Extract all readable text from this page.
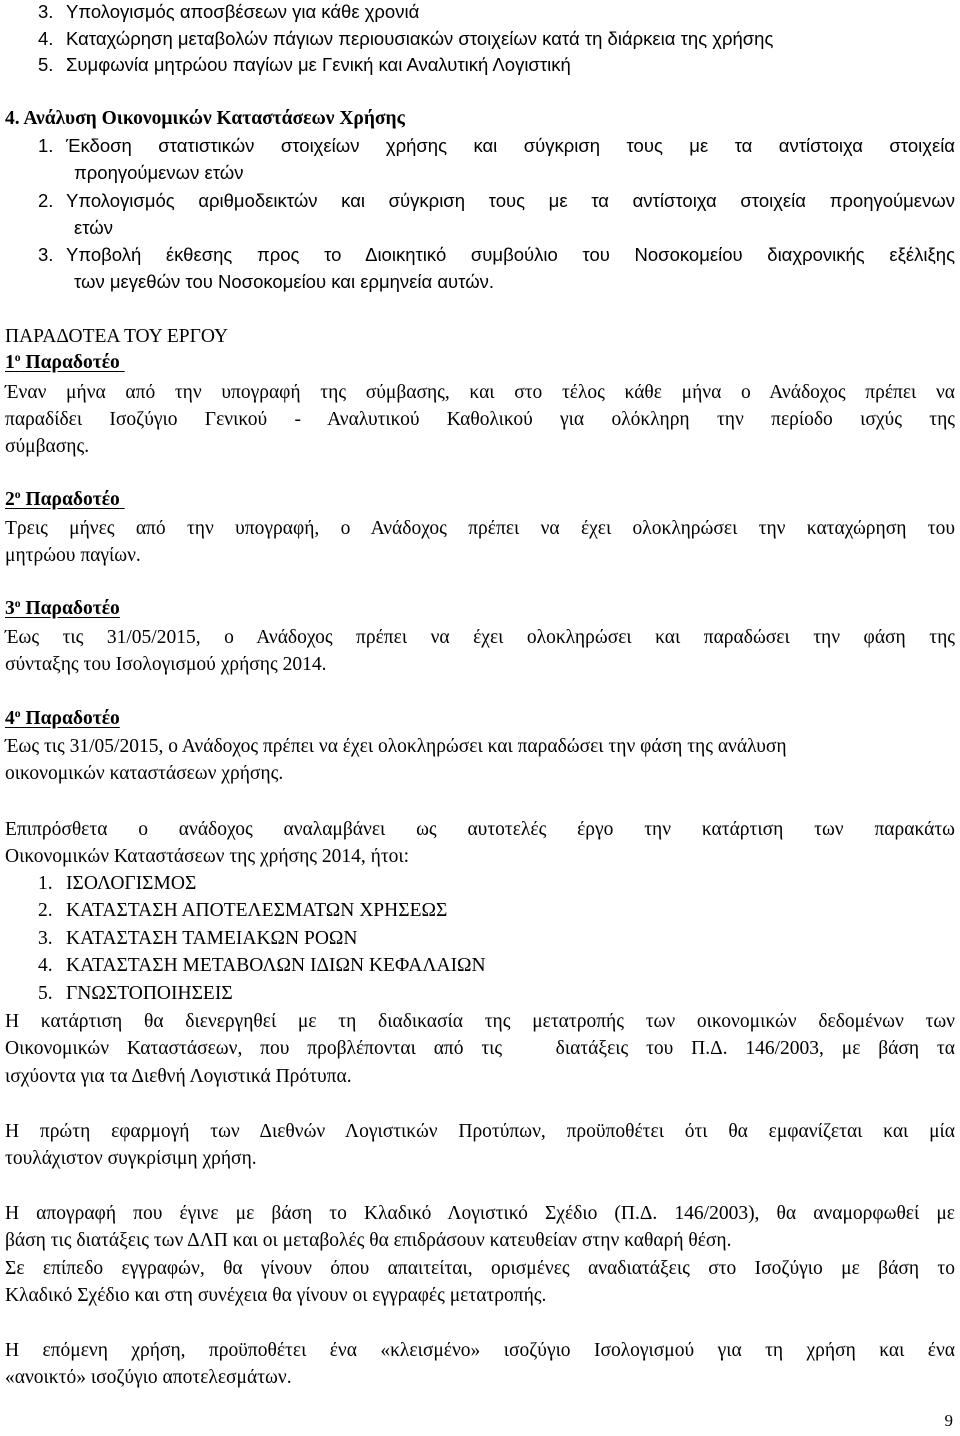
3. Υπολογισμός αποσβέσεων για κάθε χρονιά
4. Καταχώρηση μεταβολών πάγιων περιουσιακών στοιχείων κατά τη διάρκεια της χρήσης
5. Συμφωνία μητρώου παγίων με Γενική και Αναλυτική Λογιστική
4. Ανάλυση Οικονομικών Καταστάσεων Χρήσης
1. Έκδοση στατιστικών στοιχείων χρήσης και σύγκριση τους με τα αντίστοιχα στοιχεία
προηγούμενων ετών
2. Υπολογισμός αριθμοδεικτών και σύγκριση τους με τα αντίστοιχα στοιχεία προηγούμενων
ετών
3. Υποβολή έκθεσης προς το Διοικητικό συμβούλιο του Νοσοκομείου διαχρονικής εξέλιξης
των μεγεθών του Νοσοκομείου και ερμηνεία αυτών.
ΠΑΡΑΔΟΤΕΑ ΤΟΥ ΕΡΓΟΥ
$1^o$ Παραδοτέο
Έναν μήνα από την υπογραφή της σύμβασης, και στο τέλος κάθε μήνα ο Ανάδοχος πρέπει να
παραδίδει Ισοζύγιο Γενικού - Αναλυτικού Καθολικού για ολόκληρη την περίοδο ισχύς της
σύμβασης.
$2^o$ Παραδοτέο
Τρεις μήνες από την υπογραφή, ο Ανάδοχος πρέπει να έχει ολοκληρώσει την καταχώρηση του
μητρώου παγίων.
$3^o$ Παραδοτέο
Έως τις 31/05/2015, ο Ανάδοχος πρέπει να έχει ολοκληρώσει και παραδώσει την φάση της
σύνταξης του Ισολογισμού χρήσης 2014.
$4^o$ Παραδοτέο
Έως τις 31/05/2015, ο Ανάδοχος πρέπει να έχει ολοκληρώσει και παραδώσει την φάση της ανάλυση
οικονομικών καταστάσεων χρήσης.
Επιπρόσθετα ο ανάδοχος αναλαμβάνει ως αυτοτελές έργο την κατάρτιση των παρακάτω
Οικονομικών Καταστάσεων της χρήσης 2014, ήτοι:
1. ΙΣΟΛΟΓΙΣΜΟΣ
2. ΚΑΤΑΣΤΑΣΗ ΑΠΟΤΕΛΕΣΜΑΤΩΝ ΧΡΗΣΕΩΣ
3. ΚΑΤΑΣΤΑΣΗ ΤΑΜΕΙΑΚΩΝ ΡΟΩΝ
4. ΚΑΤΑΣΤΑΣΗ ΜΕΤΑΒΟΛΩΝ ΙΔΙΩΝ ΚΕΦΑΛΑΙΩΝ
5. ΓΝΩΣΤΟΠΟΙΗΣΕΙΣ
Η κατάρτιση θα διενεργηθεί με τη διαδικασία της μετατροπής των οικονομικών δεδομένων των
Οικονομικών Καταστάσεων, που προβλέπονται από τις   διατάξεις του Π.Δ. 146/2003, με βάση τα
ισχύοντα για τα Διεθνή Λογιστικά Πρότυπα.
Η πρώτη εφαρμογή των Διεθνών Λογιστικών Προτύπων, προϋποθέτει ότι θα εμφανίζεται και μία
τουλάχιστον συγκρίσιμη χρήση.
Η απογραφή που έγινε με βάση το Κλαδικό Λογιστικό Σχέδιο (Π.Δ. 146/2003), θα αναμορφωθεί με
βάση τις διατάξεις των ΔΛΠ και οι μεταβολές θα επιδράσουν κατευθείαν στην καθαρή θέση.
Σε επίπεδο εγγραφών, θα γίνουν όπου απαιτείται, ορισμένες αναδιατάξεις στο Ισοζύγιο με βάση το
Κλαδικό Σχέδιο και στη συνέχεια θα γίνουν οι εγγραφές μετατροπής.
Η επόμενη χρήση, προϋποθέτει ένα «κλεισμένο» ισοζύγιο Ισολογισμού για τη χρήση και ένα
«ανοικτό» ισοζύγιο αποτελεσμάτων.
9
